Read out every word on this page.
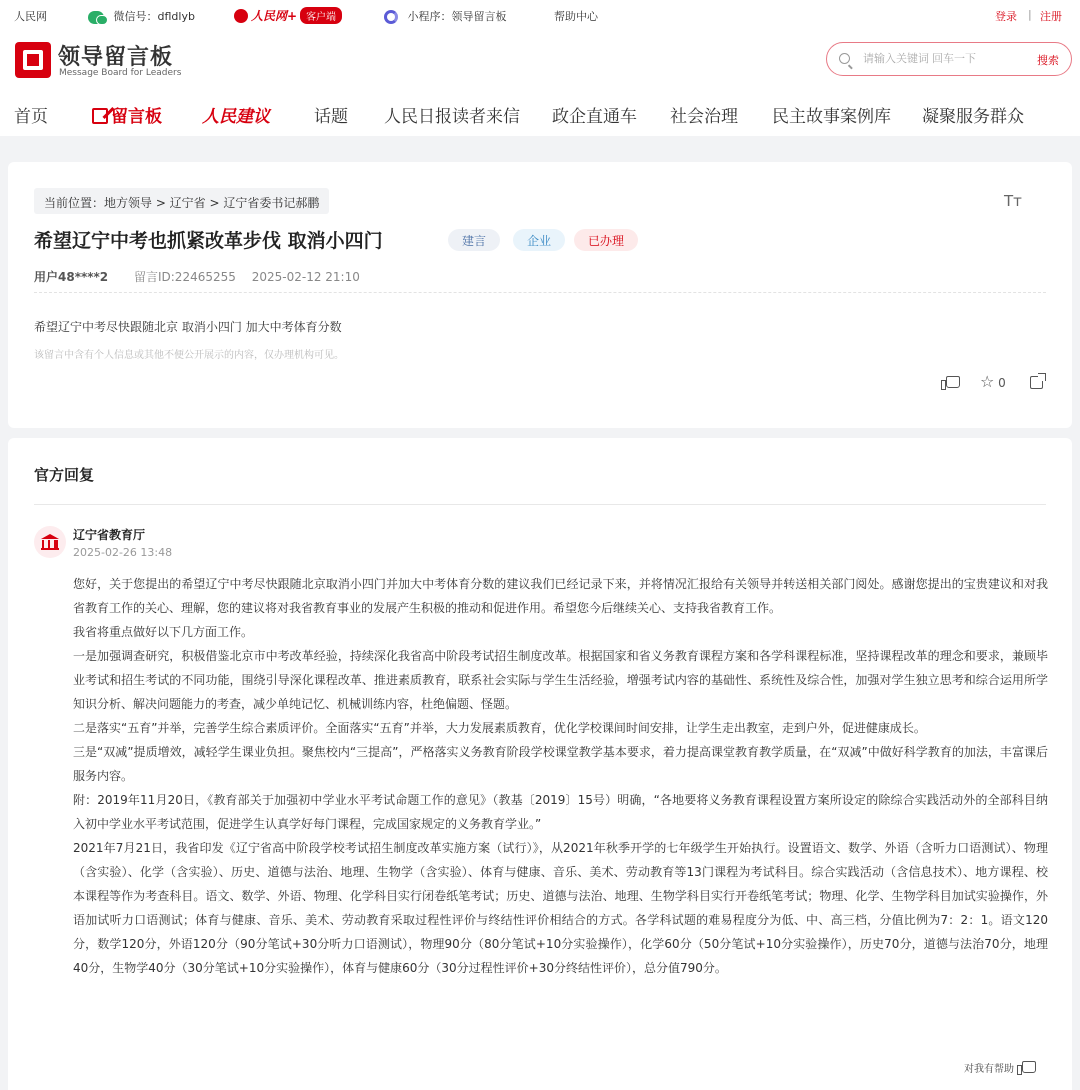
人民网	微信号：dfldlyb	人民网+ 客户端	小程序：领导留言板	帮助中心	登录 | 注册
领导留言板
Message Board for Leaders
请输入关键词 回车一下
搜索
首页	留言板 人民建议	话题 人民日报读者来信 政企直通车 社会治理 民主故事案例库 凝聚服务群众
当前位置：地方领导 > 辽宁省 > 辽宁省委书记郝鹏	Tт
希望辽宁中考也抓紧改革步伐 取消小四门	建言	企业	已办理
用户48****2 留言ID:22465255 2025-02-12 21:10
希望辽宁中考尽快跟随北京 取消小四门 加大中考体育分数
该留言中含有个人信息或其他不便公开展示的内容，仅办理机构可见。
☆ 0
官方回复
辽宁省教育厅
2025-02-26 13:48

您好，关于您提出的希望辽宁中考尽快跟随北京取消小四门并加大中考体育分数的建议我们已经记录下来，并将情况汇报给有关领导并转送相关部门阅处。感谢您提出的宝贵建议和对我省教育工作的关心、理解，您的建议将对我省教育事业的发展产生积极的推动和促进作用。希望您今后继续关心、支持我省教育工作。

我省将重点做好以下几方面工作。

一是加强调查研究，积极借鉴北京市中考改革经验，持续深化我省高中阶段考试招生制度改革。根据国家和省义务教育课程方案和各学科课程标准，坚持课程改革的理念和要求，兼顾毕业考试和招生考试的不同功能，围绕引导深化课程改革、推进素质教育，联系社会实际与学生生活经验，增强考试内容的基础性、系统性及综合性，加强对学生独立思考和综合运用所学知识分析、解决问题能力的考查，减少单纯记忆、机械训练内容，杜绝偏题、怪题。

二是落实“五育”并举，完善学生综合素质评价。全面落实“五育”并举，大力发展素质教育，优化学校课间时间安排，让学生走出教室，走到户外，促进健康成长。

三是“双减”提质增效，减轻学生课业负担。聚焦校内“三提高”，严格落实义务教育阶段学校课堂教学基本要求，着力提高课堂教育教学质量，在“双减”中做好科学教育的加法，丰富课后服务内容。

附：2019年11月20日，《教育部关于加强初中学业水平考试命题工作的意见》（教基〔2019〕15号）明确，“各地要将义务教育课程设置方案所设定的除综合实践活动外的全部科目纳入初中学业水平考试范围，促进学生认真学好每门课程，完成国家规定的义务教育学业。”

2021年7月21日，我省印发《辽宁省高中阶段学校考试招生制度改革实施方案（试行）》，从2021年秋季开学的七年级学生开始执行。设置语文、数学、外语（含听力口语测试）、物理（含实验）、化学（含实验）、历史、道德与法治、地理、生物学（含实验）、体育与健康、音乐、美术、劳动教育等13门课程为考试科目。综合实践活动（含信息技术）、地方课程、校本课程等作为考查科目。语文、数学、外语、物理、化学科目实行闭卷纸笔考试；历史、道德与法治、地理、生物学科目实行开卷纸笔考试；物理、化学、生物学科目加试实验操作，外语加试听力口语测试；体育与健康、音乐、美术、劳动教育采取过程性评价与终结性评价相结合的方式。各学科试题的难易程度分为低、中、高三档，分值比例为7：2：1。语文120分，数学120分，外语120分（90分笔试+30分听力口语测试），物理90分（80分笔试+10分实验操作），化学60分（50分笔试+10分实验操作），历史70分，道德与法治70分，地理40分，生物学40分（30分笔试+10分实验操作），体育与健康60分（30分过程性评价+30分终结性评价），总分值790分。

对我有帮助
